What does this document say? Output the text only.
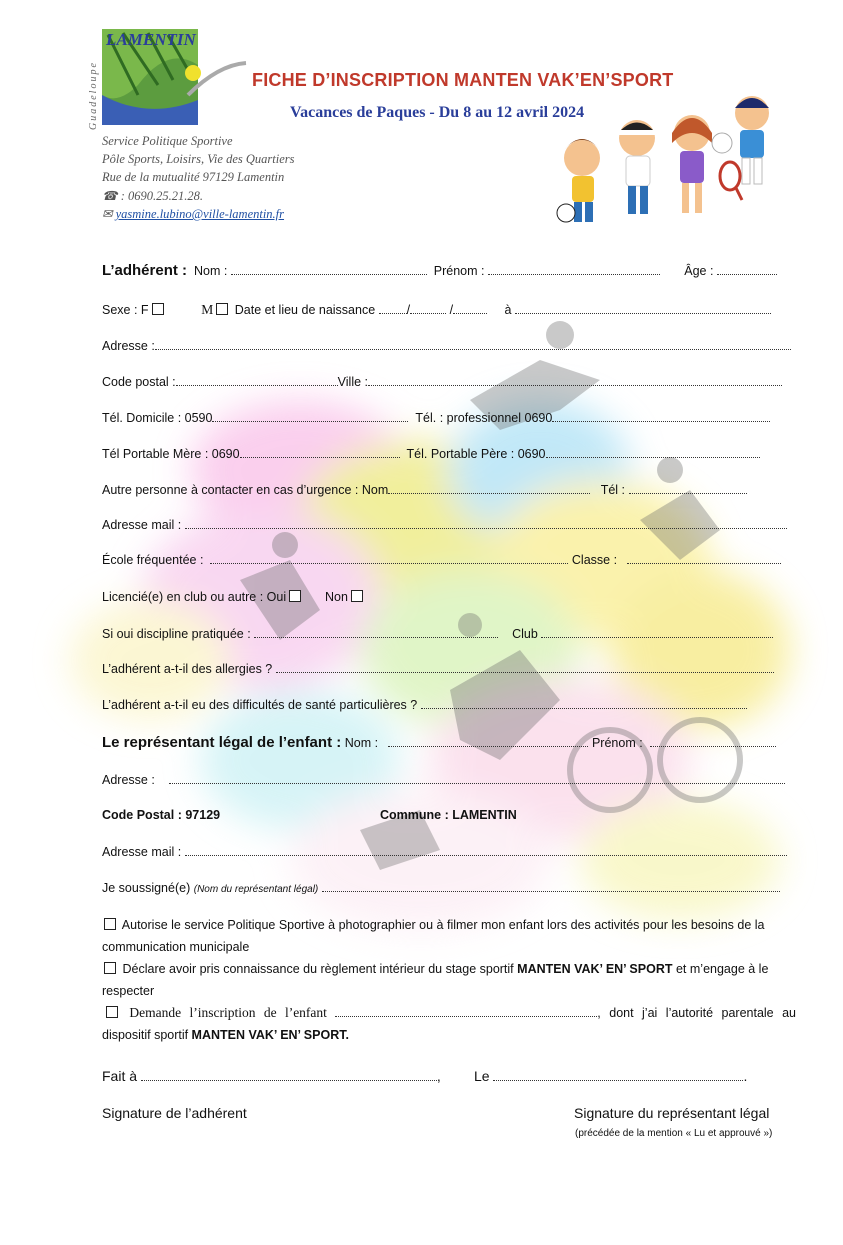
LAMENTIN
Guadeloupe
Service Politique Sportive
Pôle Sports, Loisirs, Vie des Quartiers
Rue de la mutualité 97129 Lamentin
☎ : 0690.25.21.28.
✉ yasmine.lubino@ville-lamentin.fr
FICHE D’INSCRIPTION MANTEN VAK’EN’SPORT
Vacances de Paques - Du 8 au 12 avril 2024
L’adhérent : Nom :	Prénom :	Âge :
Sexe : F	M Date et lieu de naissance	/	/	à
Adresse :
Code postal :	Ville :
Tél. Domicile : 0590	Tél. : professionnel 0690
Tél Portable Mère : 0690	Tél. Portable Père : 0690
Autre personne à contacter en cas d’urgence : Nom	Tél :
Adresse mail :
École fréquentée :	Classe :
Licencié(e) en club ou autre : Oui	Non
Si oui discipline pratiquée :	Club
L’adhérent a-t-il des allergies ?
L’adhérent a-t-il eu des difficultés de santé particulières ?
Le représentant légal de l’enfant : Nom :	Prénom :
Adresse :
Code Postal : 97129	Commune : LAMENTIN
Adresse mail :
Je soussigné(e) (Nom du représentant légal)
Autorise le service Politique Sportive à photographier ou à filmer mon enfant lors des activités pour les besoins de la communication municipale
Déclare avoir pris connaissance du règlement intérieur du stage sportif MANTEN VAK’ EN’ SPORT et m’engage à le respecter
Demande l’inscription de l’enfant	, dont j’ai l’autorité parentale au dispositif sportif MANTEN VAK’ EN’ SPORT.
Fait à	, Le	.
Signature de l’adhérent	Signature du représentant légal
(précédée de la mention « Lu et approuvé »)
